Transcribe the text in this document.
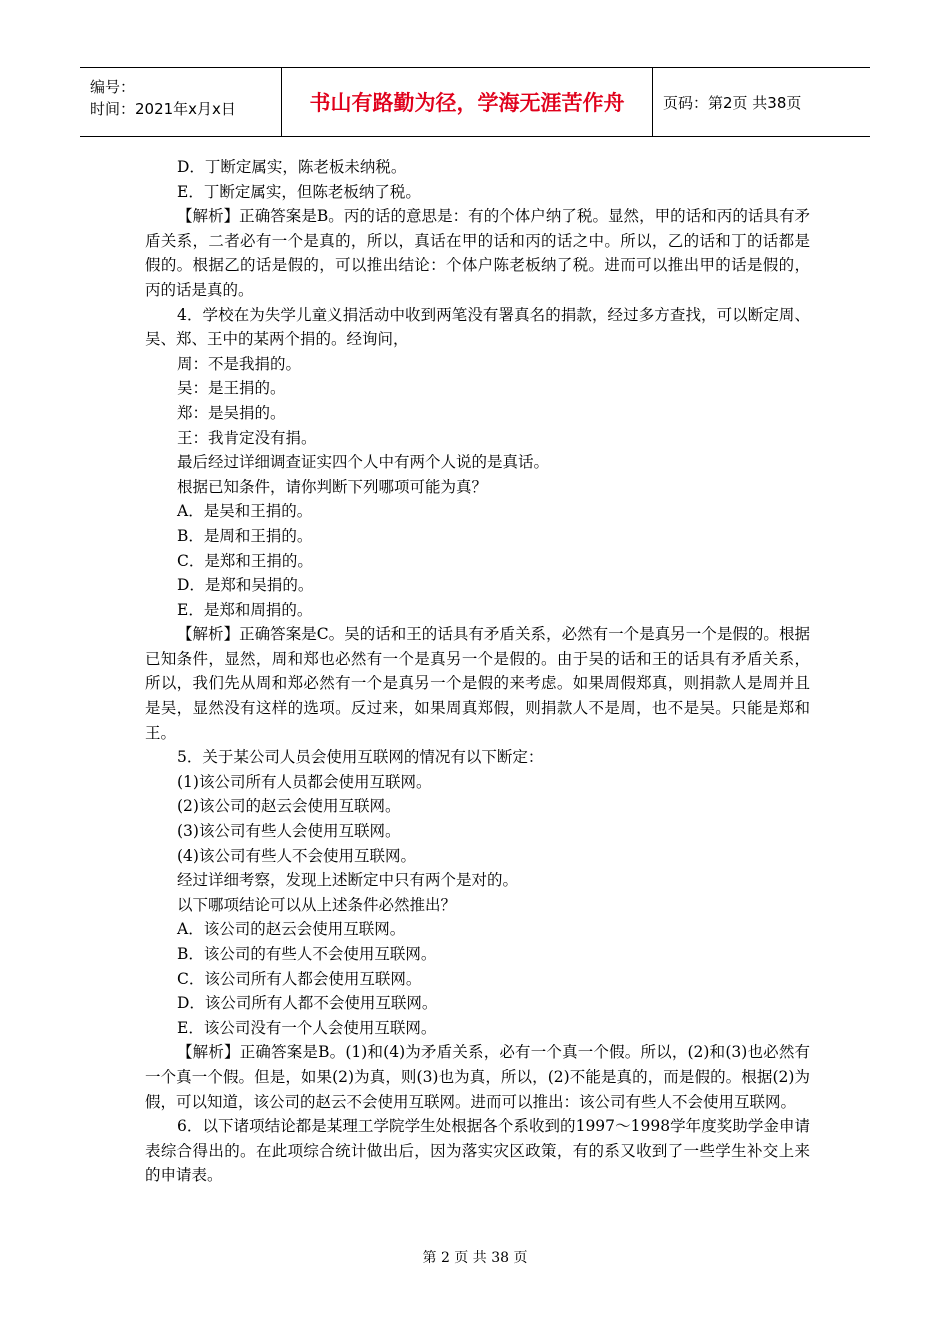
编号：
时间：2021年x月x日	书山有路勤为径，学海无涯苦作舟	页码：第2页 共38页

D．丁断定属实，陈老板未纳税。

E．丁断定属实，但陈老板纳了税。

【解析】正确答案是B。丙的话的意思是：有的个体户纳了税。显然，甲的话和丙的话具有矛盾关系，二者必有一个是真的，所以，真话在甲的话和丙的话之中。所以，乙的话和丁的话都是假的。根据乙的话是假的，可以推出结论：个体户陈老板纳了税。进而可以推出甲的话是假的，丙的话是真的。

4．学校在为失学儿童义捐活动中收到两笔没有署真名的捐款，经过多方查找，可以断定周、吴、郑、王中的某两个捐的。经询问，

周：不是我捐的。

吴：是王捐的。

郑：是吴捐的。

王：我肯定没有捐。

最后经过详细调查证实四个人中有两个人说的是真话。

根据已知条件，请你判断下列哪项可能为真？

A．是吴和王捐的。

B．是周和王捐的。

C．是郑和王捐的。

D．是郑和吴捐的。

E．是郑和周捐的。

【解析】正确答案是C。吴的话和王的话具有矛盾关系，必然有一个是真另一个是假的。根据已知条件，显然，周和郑也必然有一个是真另一个是假的。由于吴的话和王的话具有矛盾关系，所以，我们先从周和郑必然有一个是真另一个是假的来考虑。如果周假郑真，则捐款人是周并且是吴，显然没有这样的选项。反过来，如果周真郑假，则捐款人不是周，也不是吴。只能是郑和王。

5．关于某公司人员会使用互联网的情况有以下断定：

(1)该公司所有人员都会使用互联网。

(2)该公司的赵云会使用互联网。

(3)该公司有些人会使用互联网。

(4)该公司有些人不会使用互联网。

经过详细考察，发现上述断定中只有两个是对的。

以下哪项结论可以从上述条件必然推出？

A．该公司的赵云会使用互联网。

B．该公司的有些人不会使用互联网。

C．该公司所有人都会使用互联网。

D．该公司所有人都不会使用互联网。

E．该公司没有一个人会使用互联网。

【解析】正确答案是B。(1)和(4)为矛盾关系，必有一个真一个假。所以，(2)和(3)也必然有一个真一个假。但是，如果(2)为真，则(3)也为真，所以，(2)不能是真的，而是假的。根据(2)为假，可以知道，该公司的赵云不会使用互联网。进而可以推出：该公司有些人不会使用互联网。

6．以下诸项结论都是某理工学院学生处根据各个系收到的1997～1998学年度奖助学金申请表综合得出的。在此项综合统计做出后，因为落实灾区政策，有的系又收到了一些学生补交上来的申请表。

第 2 页 共 38 页
